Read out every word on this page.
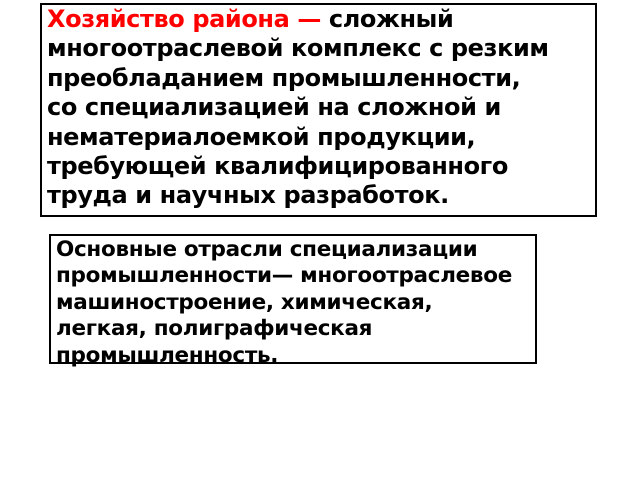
Хозяйство района — сложный
многоотраслевой комплекс с резким
преобладанием промышленности,
со специализацией на сложной и
нематериалоемкой продукции,
требующей квалифицированного
труда и научных разработок.
Основные отрасли специализации
промышленности— многоотраслевое
машиностроение, химическая,
легкая, полиграфическая
промышленность.
